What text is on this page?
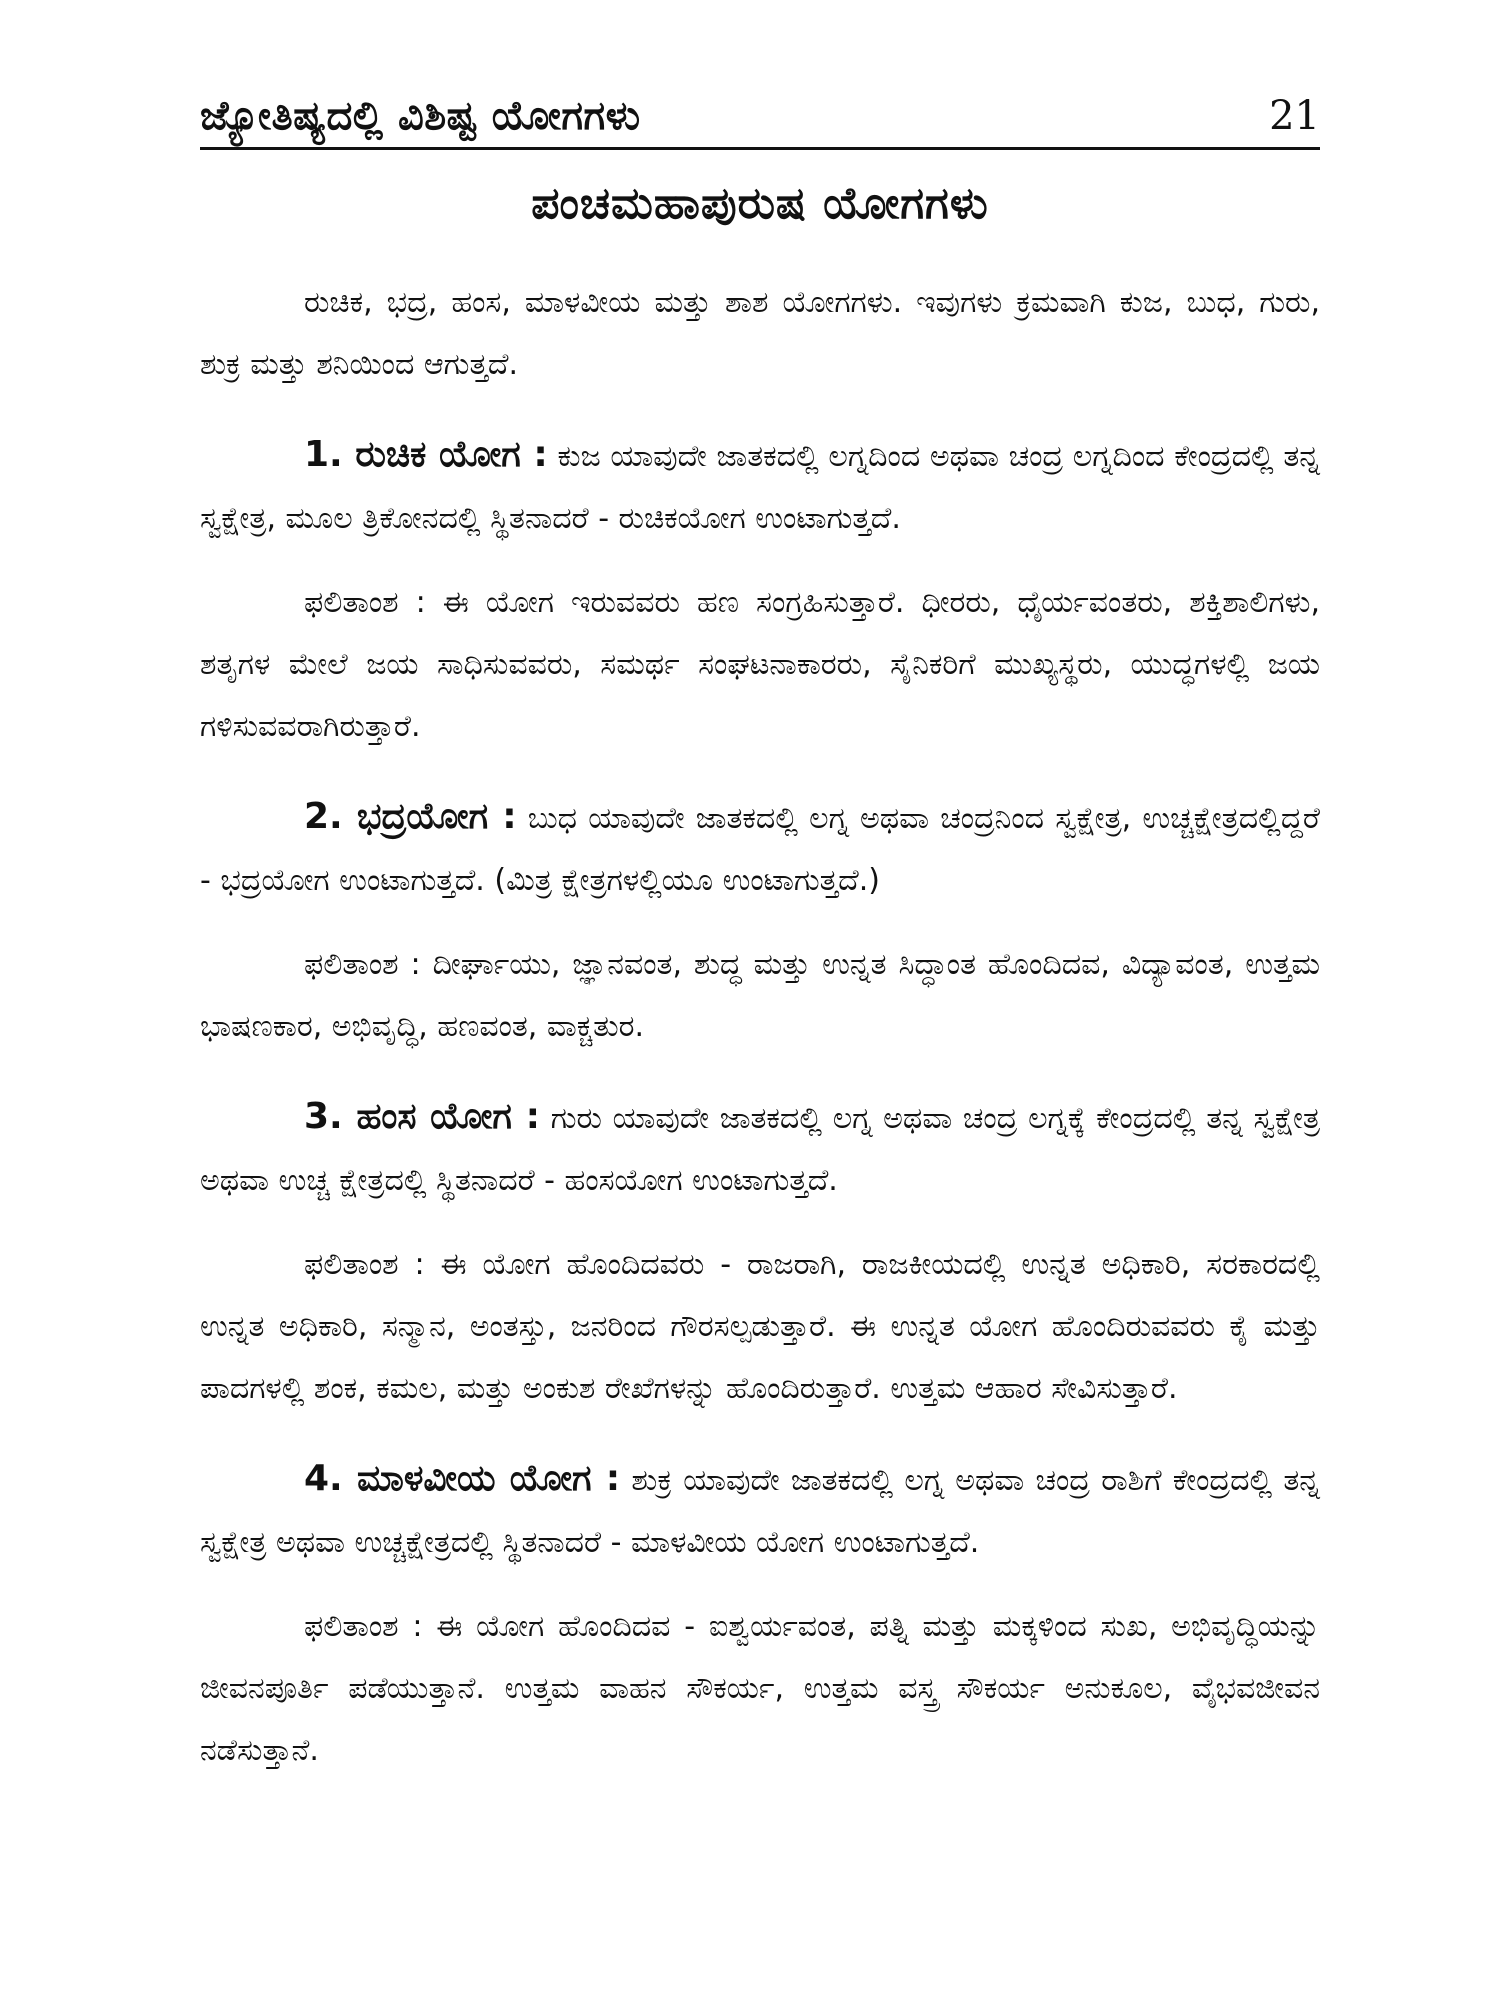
ಜ್ಯೋತಿಷ್ಯದಲ್ಲಿ ವಿಶಿಷ್ಟ ಯೋಗಗಳು	21
ಪಂಚಮಹಾಪುರುಷ ಯೋಗಗಳು

ರುಚಿಕ, ಭದ್ರ, ಹಂಸ, ಮಾಳವೀಯ ಮತ್ತು ಶಾಶ ಯೋಗಗಳು. ಇವುಗಳು ಕ್ರಮವಾಗಿ ಕುಜ, ಬುಧ, ಗುರು, ಶುಕ್ರ ಮತ್ತು ಶನಿಯಿಂದ ಆಗುತ್ತದೆ.

1. ರುಚಿಕ ಯೋಗ : ಕುಜ ಯಾವುದೇ ಜಾತಕದಲ್ಲಿ ಲಗ್ನದಿಂದ ಅಥವಾ ಚಂದ್ರ ಲಗ್ನದಿಂದ ಕೇಂದ್ರದಲ್ಲಿ ತನ್ನ ಸ್ವಕ್ಷೇತ್ರ, ಮೂಲ ತ್ರಿಕೋನದಲ್ಲಿ ಸ್ಥಿತನಾದರೆ - ರುಚಿಕಯೋಗ ಉಂಟಾಗುತ್ತದೆ.

ಫಲಿತಾಂಶ : ಈ ಯೋಗ ಇರುವವರು ಹಣ ಸಂಗ್ರಹಿಸುತ್ತಾರೆ. ಧೀರರು, ಧೈರ್ಯವಂತರು, ಶಕ್ತಿಶಾಲಿಗಳು, ಶತೃಗಳ ಮೇಲೆ ಜಯ ಸಾಧಿಸುವವರು, ಸಮರ್ಥ ಸಂಘಟನಾಕಾರರು, ಸೈನಿಕರಿಗೆ ಮುಖ್ಯಸ್ಥರು, ಯುದ್ಧಗಳಲ್ಲಿ ಜಯ ಗಳಿಸುವವರಾಗಿರುತ್ತಾರೆ.

2. ಭದ್ರಯೋಗ : ಬುಧ ಯಾವುದೇ ಜಾತಕದಲ್ಲಿ ಲಗ್ನ ಅಥವಾ ಚಂದ್ರನಿಂದ ಸ್ವಕ್ಷೇತ್ರ, ಉಚ್ಚಕ್ಷೇತ್ರದಲ್ಲಿದ್ದರೆ - ಭದ್ರಯೋಗ ಉಂಟಾಗುತ್ತದೆ. (ಮಿತ್ರ ಕ್ಷೇತ್ರಗಳಲ್ಲಿಯೂ ಉಂಟಾಗುತ್ತದೆ.)

ಫಲಿತಾಂಶ : ದೀರ್ಘಾಯು, ಜ್ಞಾನವಂತ, ಶುದ್ಧ ಮತ್ತು ಉನ್ನತ ಸಿದ್ಧಾಂತ ಹೊಂದಿದವ, ವಿದ್ಯಾವಂತ, ಉತ್ತಮ ಭಾಷಣಕಾರ, ಅಭಿವೃದ್ಧಿ, ಹಣವಂತ, ವಾಕ್ಚತುರ.

3. ಹಂಸ ಯೋಗ : ಗುರು ಯಾವುದೇ ಜಾತಕದಲ್ಲಿ ಲಗ್ನ ಅಥವಾ ಚಂದ್ರ ಲಗ್ನಕ್ಕೆ ಕೇಂದ್ರದಲ್ಲಿ ತನ್ನ ಸ್ವಕ್ಷೇತ್ರ ಅಥವಾ ಉಚ್ಚ ಕ್ಷೇತ್ರದಲ್ಲಿ ಸ್ಥಿತನಾದರೆ - ಹಂಸಯೋಗ ಉಂಟಾಗುತ್ತದೆ.

ಫಲಿತಾಂಶ : ಈ ಯೋಗ ಹೊಂದಿದವರು - ರಾಜರಾಗಿ, ರಾಜಕೀಯದಲ್ಲಿ ಉನ್ನತ ಅಧಿಕಾರಿ, ಸರಕಾರದಲ್ಲಿ ಉನ್ನತ ಅಧಿಕಾರಿ, ಸನ್ಮಾನ, ಅಂತಸ್ತು, ಜನರಿಂದ ಗೌರಸಲ್ಪಡುತ್ತಾರೆ. ಈ ಉನ್ನತ ಯೋಗ ಹೊಂದಿರುವವರು ಕೈ ಮತ್ತು ಪಾದಗಳಲ್ಲಿ ಶಂಕ, ಕಮಲ, ಮತ್ತು ಅಂಕುಶ ರೇಖೆಗಳನ್ನು ಹೊಂದಿರುತ್ತಾರೆ. ಉತ್ತಮ ಆಹಾರ ಸೇವಿಸುತ್ತಾರೆ.

4. ಮಾಳವೀಯ ಯೋಗ : ಶುಕ್ರ ಯಾವುದೇ ಜಾತಕದಲ್ಲಿ ಲಗ್ನ ಅಥವಾ ಚಂದ್ರ ರಾಶಿಗೆ ಕೇಂದ್ರದಲ್ಲಿ ತನ್ನ ಸ್ವಕ್ಷೇತ್ರ ಅಥವಾ ಉಚ್ಚಕ್ಷೇತ್ರದಲ್ಲಿ ಸ್ಥಿತನಾದರೆ - ಮಾಳವೀಯ ಯೋಗ ಉಂಟಾಗುತ್ತದೆ.

ಫಲಿತಾಂಶ : ಈ ಯೋಗ ಹೊಂದಿದವ - ಐಶ್ವರ್ಯವಂತ, ಪತ್ನಿ ಮತ್ತು ಮಕ್ಕಳಿಂದ ಸುಖ, ಅಭಿವೃದ್ಧಿಯನ್ನು ಜೀವನಪೂರ್ತಿ ಪಡೆಯುತ್ತಾನೆ. ಉತ್ತಮ ವಾಹನ ಸೌಕರ್ಯ, ಉತ್ತಮ ವಸ್ತ್ರ ಸೌಕರ್ಯ ಅನುಕೂಲ, ವೈಭವಜೀವನ ನಡೆಸುತ್ತಾನೆ.
